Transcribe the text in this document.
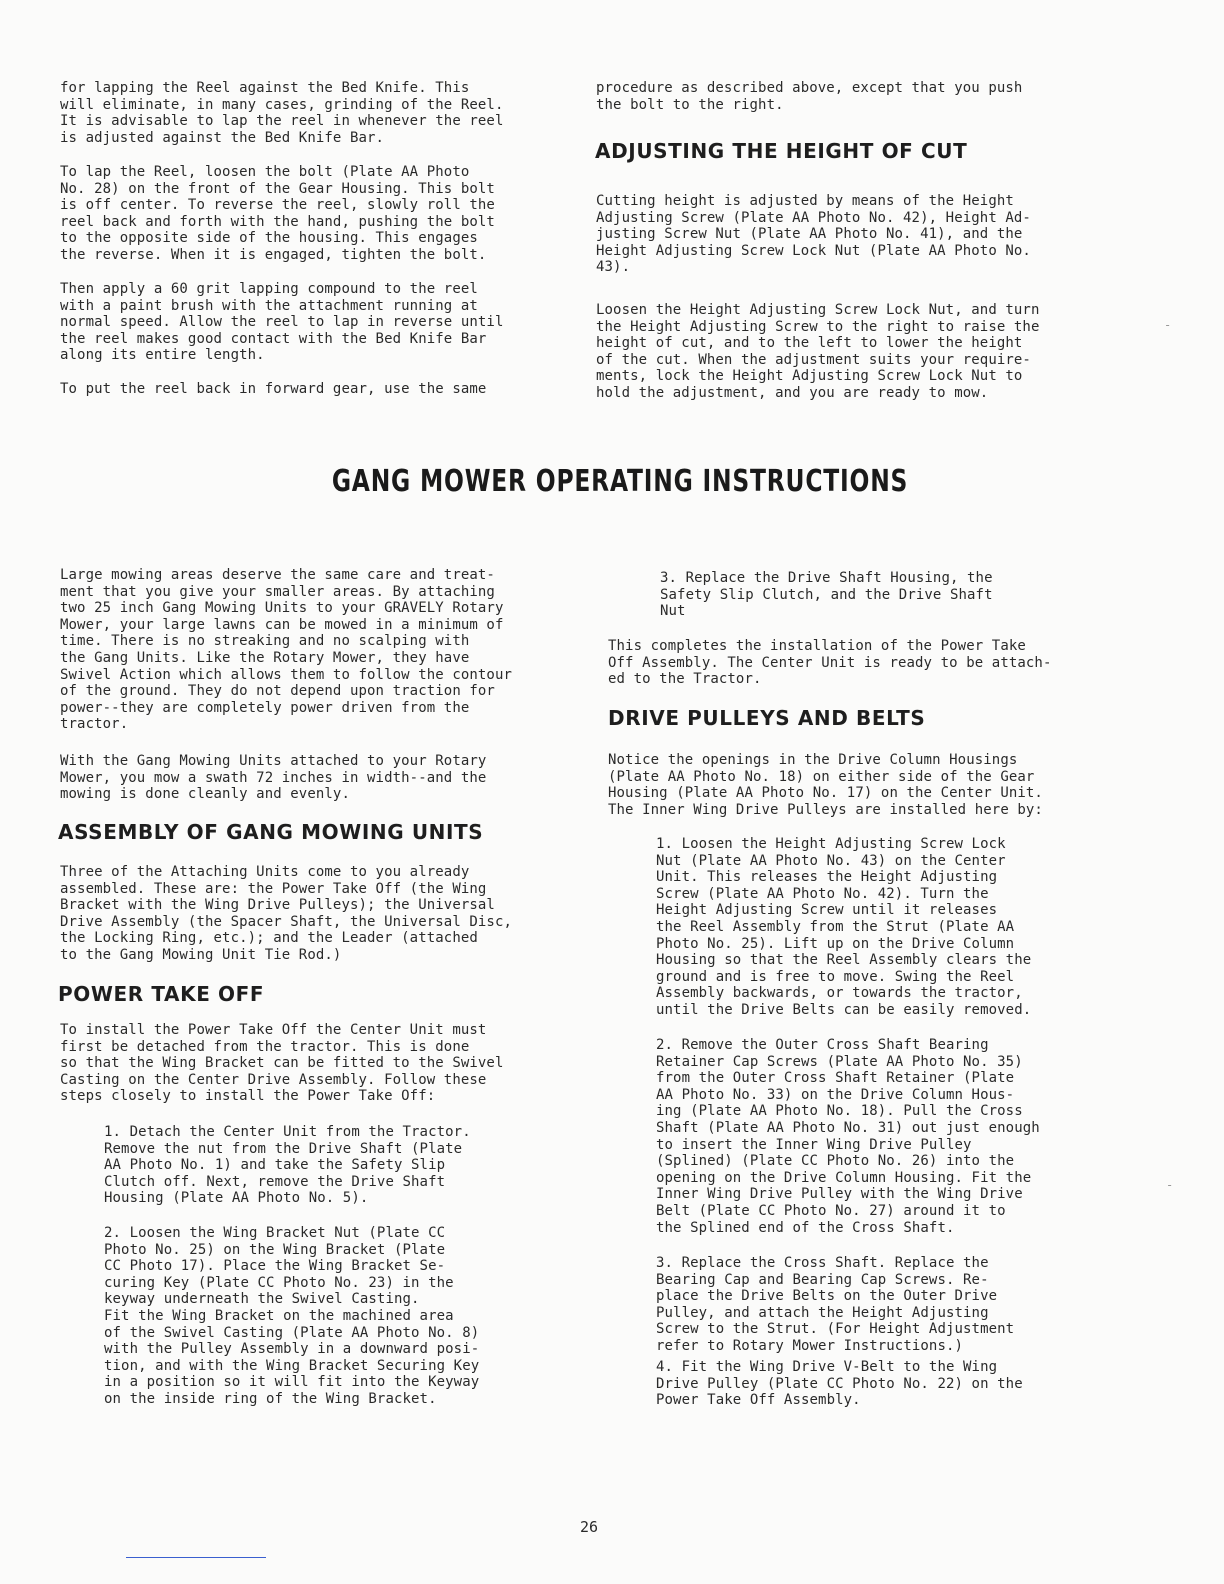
for lapping the Reel against the Bed Knife. This
will eliminate, in many cases, grinding of the Reel.
It is advisable to lap the reel in whenever the reel
is adjusted against the Bed Knife Bar.
To lap the Reel, loosen the bolt (Plate AA Photo
No. 28) on the front of the Gear Housing. This bolt
is off center. To reverse the reel, slowly roll the
reel back and forth with the hand, pushing the bolt
to the opposite side of the housing. This engages
the reverse. When it is engaged, tighten the bolt.
Then apply a 60 grit lapping compound to the reel
with a paint brush with the attachment running at
normal speed. Allow the reel to lap in reverse until
the reel makes good contact with the Bed Knife Bar
along its entire length.
To put the reel back in forward gear, use the same
procedure as described above, except that you push
the bolt to the right.
ADJUSTING THE HEIGHT OF CUT
Cutting height is adjusted by means of the Height
Adjusting Screw (Plate AA Photo No. 42), Height Ad-
justing Screw Nut (Plate AA Photo No. 41), and the
Height Adjusting Screw Lock Nut (Plate AA Photo No.
43).
Loosen the Height Adjusting Screw Lock Nut, and turn
the Height Adjusting Screw to the right to raise the
height of cut, and to the left to lower the height
of the cut. When the adjustment suits your require-
ments, lock the Height Adjusting Screw Lock Nut to
hold the adjustment, and you are ready to mow.
GANG MOWER OPERATING INSTRUCTIONS
Large mowing areas deserve the same care and treat-
ment that you give your smaller areas. By attaching
two 25 inch Gang Mowing Units to your GRAVELY Rotary
Mower, your large lawns can be mowed in a minimum of
time. There is no streaking and no scalping with
the Gang Units. Like the Rotary Mower, they have
Swivel Action which allows them to follow the contour
of the ground. They do not depend upon traction for
power--they are completely power driven from the
tractor.
With the Gang Mowing Units attached to your Rotary
Mower, you mow a swath 72 inches in width--and the
mowing is done cleanly and evenly.
ASSEMBLY OF GANG MOWING UNITS
Three of the Attaching Units come to you already
assembled. These are: the Power Take Off (the Wing
Bracket with the Wing Drive Pulleys); the Universal
Drive Assembly (the Spacer Shaft, the Universal Disc,
the Locking Ring, etc.); and the Leader (attached
to the Gang Mowing Unit Tie Rod.)
POWER TAKE OFF
To install the Power Take Off the Center Unit must
first be detached from the tractor. This is done
so that the Wing Bracket can be fitted to the Swivel
Casting on the Center Drive Assembly. Follow these
steps closely to install the Power Take Off:
1. Detach the Center Unit from the Tractor.
Remove the nut from the Drive Shaft (Plate
AA Photo No. 1) and take the Safety Slip
Clutch off. Next, remove the Drive Shaft
Housing (Plate AA Photo No. 5).
2. Loosen the Wing Bracket Nut (Plate CC
Photo No. 25) on the Wing Bracket (Plate
CC Photo 17). Place the Wing Bracket Se-
curing Key (Plate CC Photo No. 23) in the
keyway underneath the Swivel Casting.
Fit the Wing Bracket on the machined area
of the Swivel Casting (Plate AA Photo No. 8)
with the Pulley Assembly in a downward posi-
tion, and with the Wing Bracket Securing Key
in a position so it will fit into the Keyway
on the inside ring of the Wing Bracket.
3. Replace the Drive Shaft Housing, the
Safety Slip Clutch, and the Drive Shaft
Nut
This completes the installation of the Power Take
Off Assembly. The Center Unit is ready to be attach-
ed to the Tractor.
DRIVE PULLEYS AND BELTS
Notice the openings in the Drive Column Housings
(Plate AA Photo No. 18) on either side of the Gear
Housing (Plate AA Photo No. 17) on the Center Unit.
The Inner Wing Drive Pulleys are installed here by:
1. Loosen the Height Adjusting Screw Lock
Nut (Plate AA Photo No. 43) on the Center
Unit. This releases the Height Adjusting
Screw (Plate AA Photo No. 42). Turn the
Height Adjusting Screw until it releases
the Reel Assembly from the Strut (Plate AA
Photo No. 25). Lift up on the Drive Column
Housing so that the Reel Assembly clears the
ground and is free to move. Swing the Reel
Assembly backwards, or towards the tractor,
until the Drive Belts can be easily removed.
2. Remove the Outer Cross Shaft Bearing
Retainer Cap Screws (Plate AA Photo No. 35)
from the Outer Cross Shaft Retainer (Plate
AA Photo No. 33) on the Drive Column Hous-
ing (Plate AA Photo No. 18). Pull the Cross
Shaft (Plate AA Photo No. 31) out just enough
to insert the Inner Wing Drive Pulley
(Splined) (Plate CC Photo No. 26) into the
opening on the Drive Column Housing. Fit the
Inner Wing Drive Pulley with the Wing Drive
Belt (Plate CC Photo No. 27) around it to
the Splined end of the Cross Shaft.
3. Replace the Cross Shaft. Replace the
Bearing Cap and Bearing Cap Screws. Re-
place the Drive Belts on the Outer Drive
Pulley, and attach the Height Adjusting
Screw to the Strut. (For Height Adjustment
refer to Rotary Mower Instructions.)
4. Fit the Wing Drive V-Belt to the Wing
Drive Pulley (Plate CC Photo No. 22) on the
Power Take Off Assembly.
26
-
-
